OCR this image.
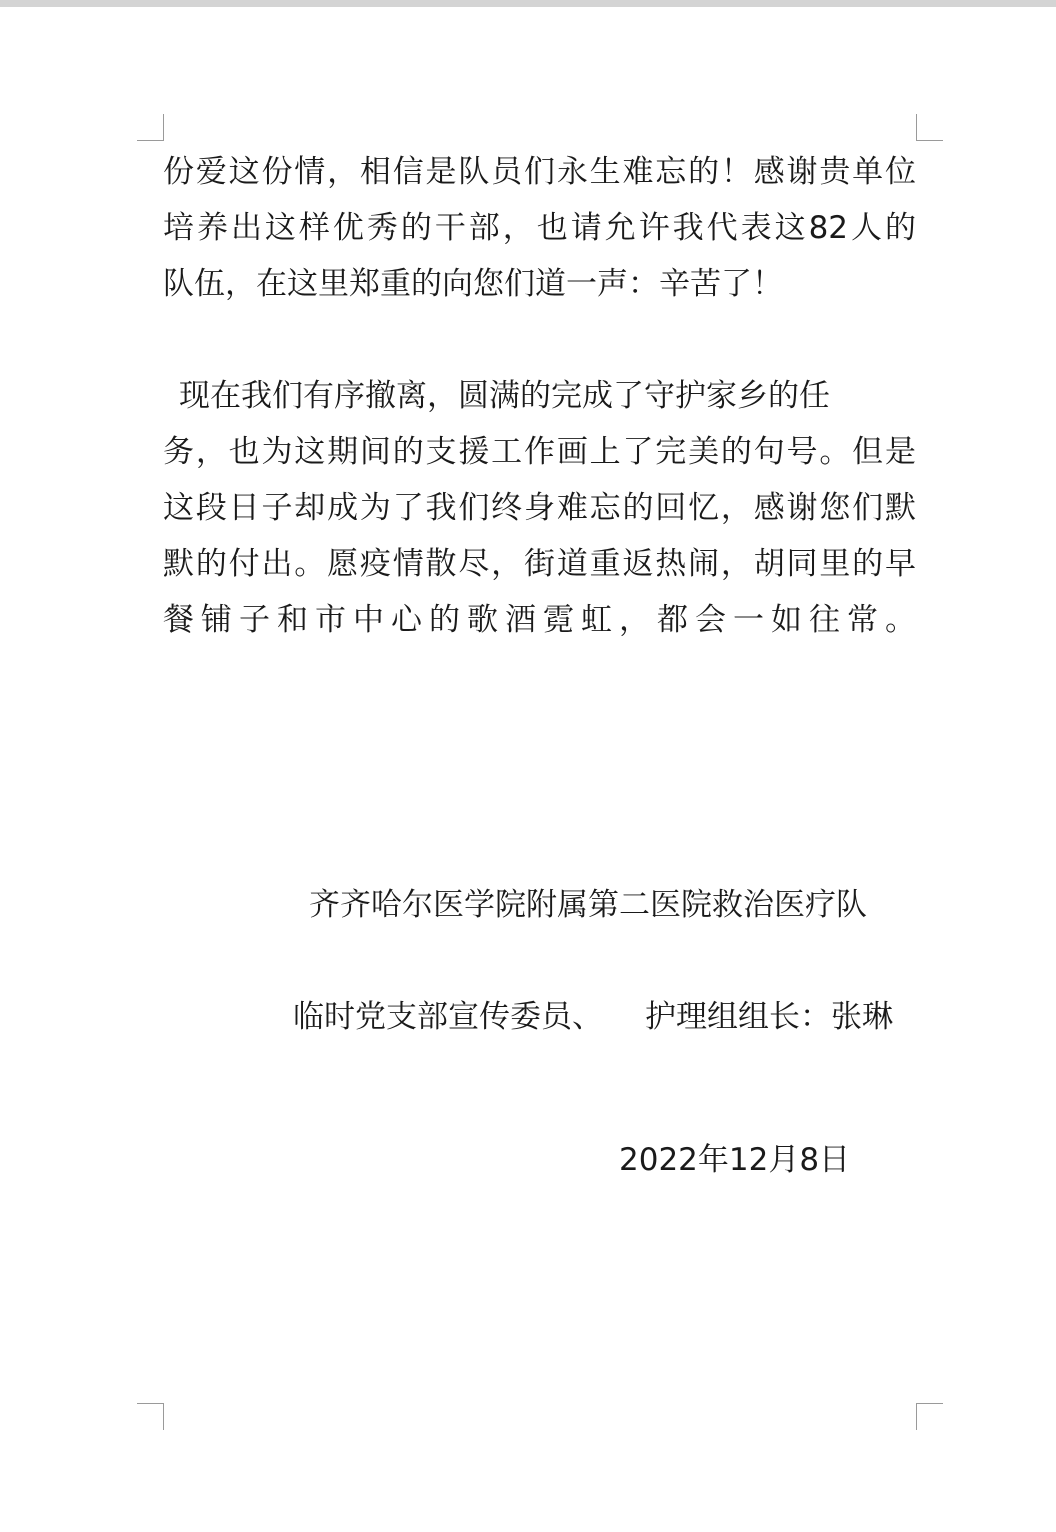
份爱这份情，相信是队员们永生难忘的！感谢贵单位

培养出这样优秀的干部，也请允许我代表这82人的

队伍，在这里郑重的向您们道一声：辛苦了！

现在我们有序撤离，圆满的完成了守护家乡的任

务，也为这期间的支援工作画上了完美的句号。但是

这段日子却成为了我们终身难忘的回忆，感谢您们默

默的付出。愿疫情散尽，街道重返热闹，胡同里的早

餐铺子和市中心的歌酒霓虹，都会一如往常。

齐齐哈尔医学院附属第二医院救治医疗队

临时党支部宣传委员、 护理组组长：张琳

2022年12月8日
